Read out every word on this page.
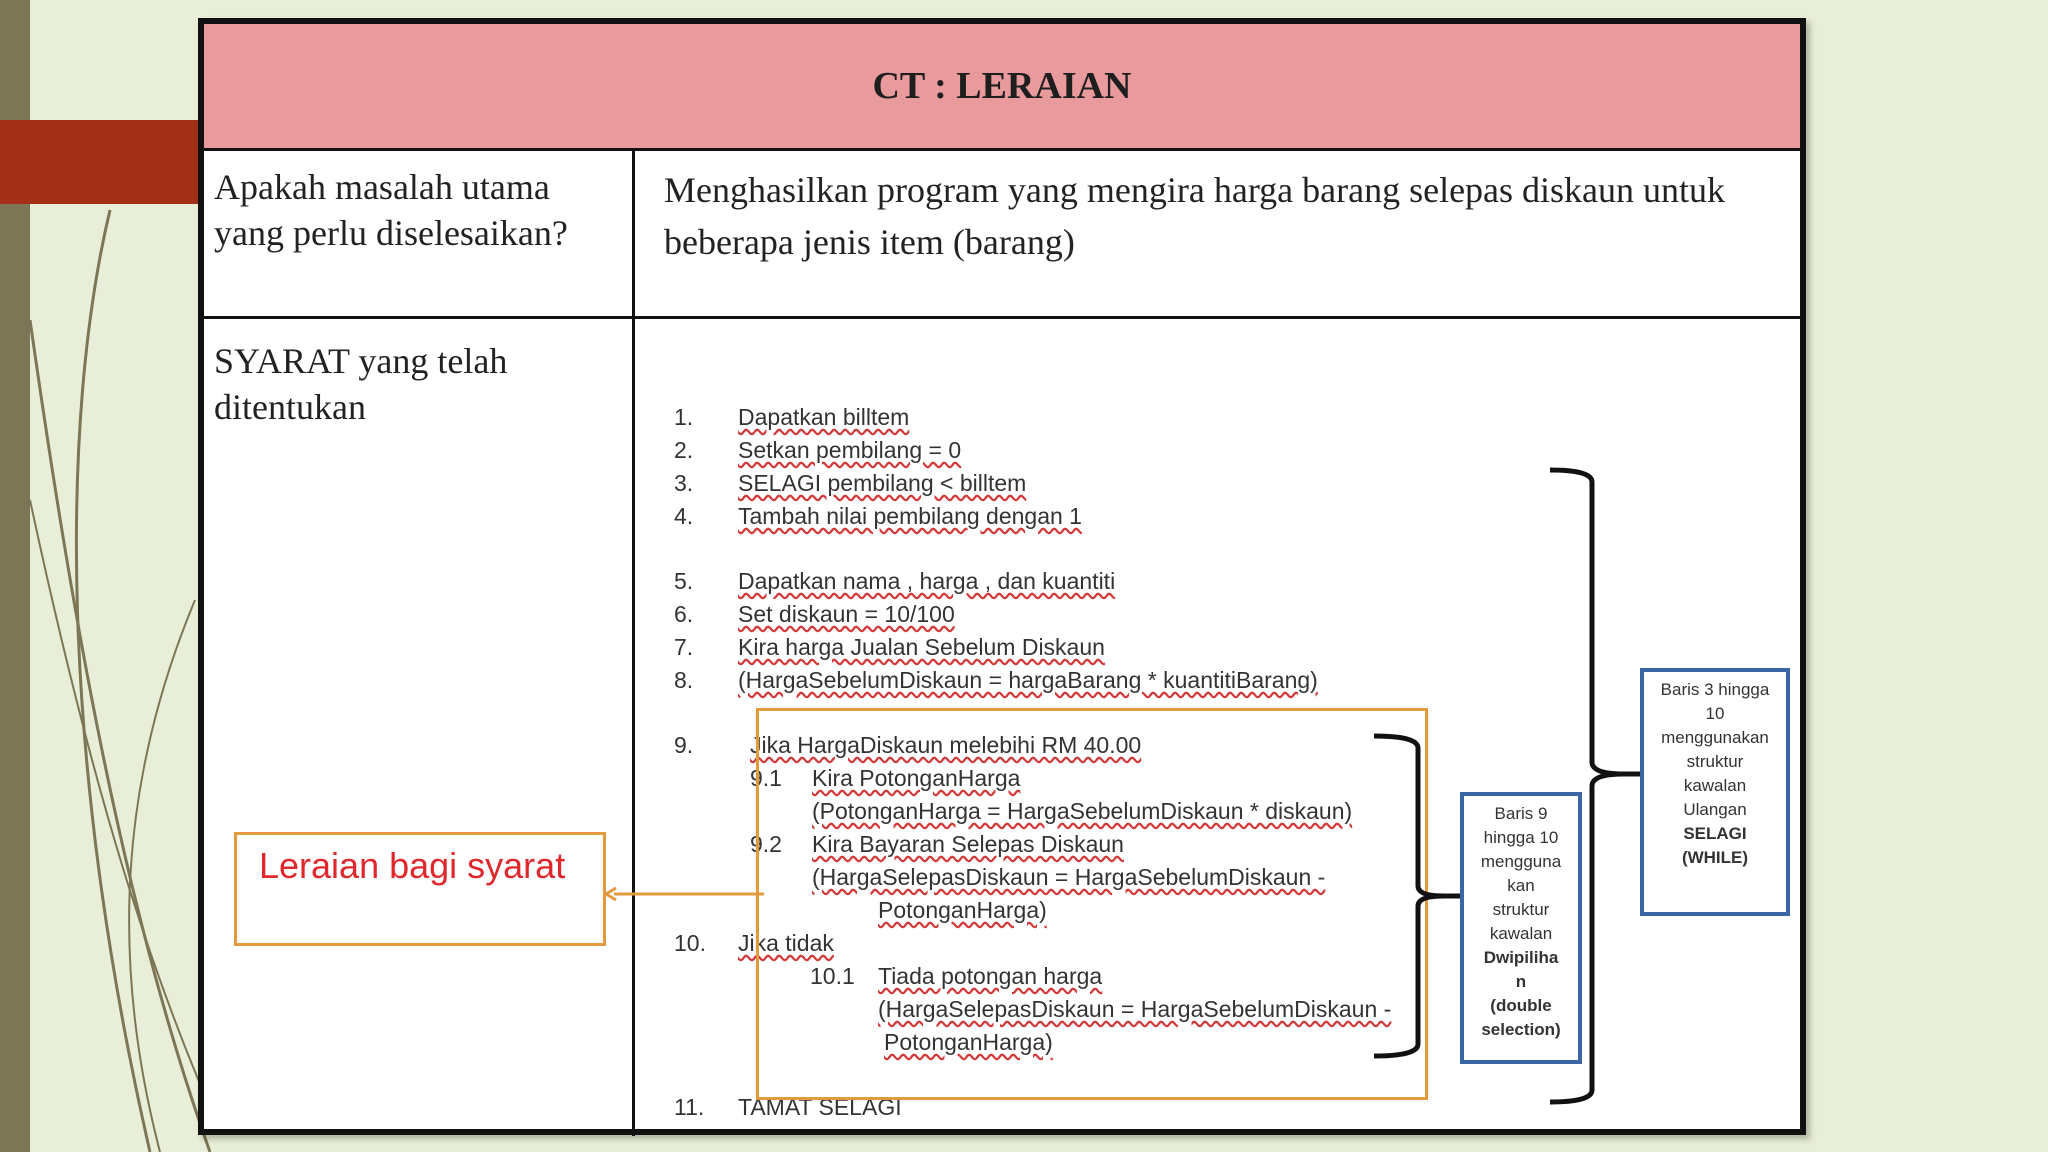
CT : LERAIAN
Apakah masalah utama yang perlu diselesaikan?
Menghasilkan program yang mengira harga barang selepas diskaun untuk beberapa jenis item (barang)
SYARAT yang telah ditentukan	1. Dapatkan billtem
2. Setkan pembilang = 0
3. SELAGI pembilang < billtem
4. Tambah nilai pembilang dengan 1
5. Dapatkan nama , harga , dan kuantiti
6. Set diskaun = 10/100
7. Kira harga Jualan Sebelum Diskaun
8. (HargaSebelumDiskaun = hargaBarang * kuantitiBarang)
9. Jika HargaDiskaun melebihi RM 40.00
9.1 Kira PotonganHarga
(PotonganHarga = HargaSebelumDiskaun * diskaun)
9.2 Kira Bayaran Selepas Diskaun
(HargaSelepasDiskaun = HargaSebelumDiskaun -
PotonganHarga)
10. Jika tidak
10.1 Tiada potongan harga
(HargaSelepasDiskaun = HargaSebelumDiskaun -
PotonganHarga)
11. TAMAT SELAGI
Baris 9
hingga 10
mengguna
kan
struktur
kawalan
Dwipiliha
n
(double
selection)
Baris 3 hingga
10
menggunakan
struktur
kawalan
Ulangan
SELAGI
(WHILE)
Leraian bagi syarat
